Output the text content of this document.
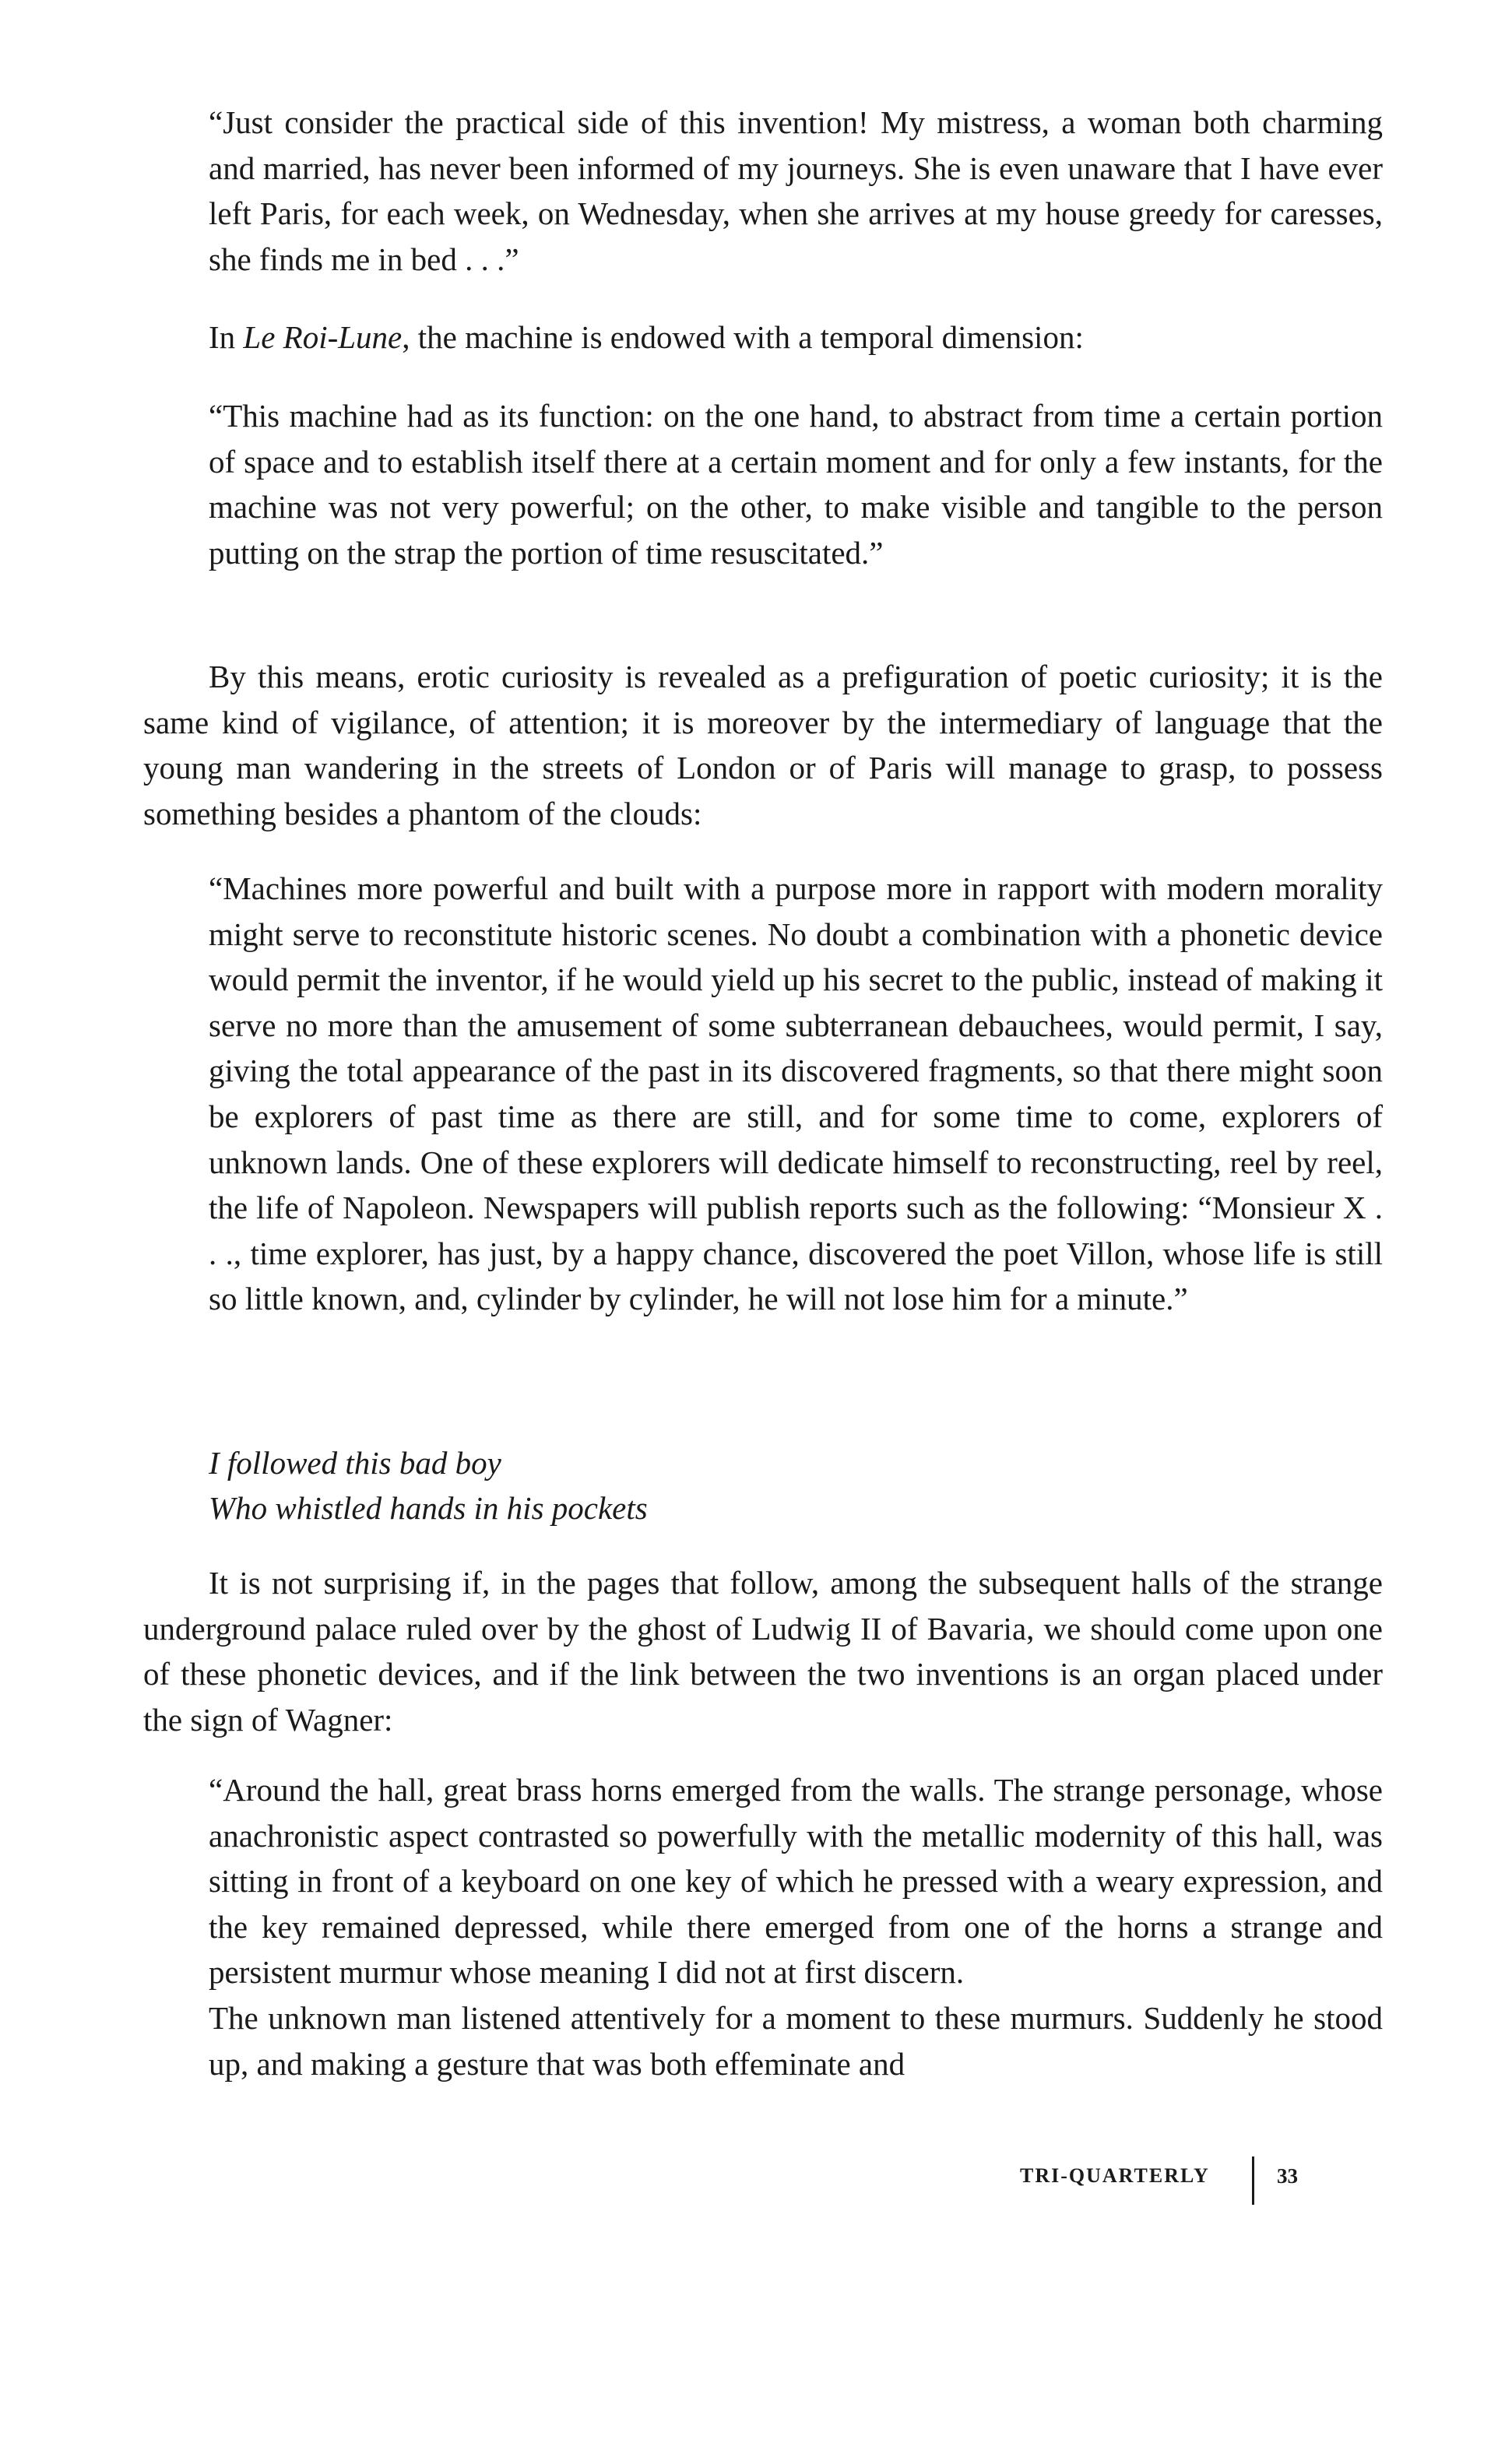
“Just consider the practical side of this invention! My mistress, a woman both charming and married, has never been informed of my journeys. She is even unaware that I have ever left Paris, for each week, on Wednesday, when she arrives at my house greedy for caresses, she finds me in bed . . .”

In Le Roi-Lune, the machine is endowed with a temporal dimension:

“This machine had as its function: on the one hand, to abstract from time a certain portion of space and to establish itself there at a certain moment and for only a few instants, for the machine was not very powerful; on the other, to make visible and tangible to the person putting on the strap the portion of time resuscitated.”

By this means, erotic curiosity is revealed as a prefiguration of poetic curiosity; it is the same kind of vigilance, of attention; it is moreover by the intermediary of language that the young man wandering in the streets of London or of Paris will manage to grasp, to possess something besides a phantom of the clouds:

“Machines more powerful and built with a purpose more in rapport with modern morality might serve to reconstitute historic scenes. No doubt a combination with a phonetic device would permit the inventor, if he would yield up his secret to the public, instead of making it serve no more than the amusement of some subterranean debauchees, would permit, I say, giving the total appearance of the past in its discovered fragments, so that there might soon be explorers of past time as there are still, and for some time to come, explorers of unknown lands. One of these explorers will dedicate himself to reconstructing, reel by reel, the life of Napoleon. Newspapers will publish reports such as the following: “Monsieur X . . ., time explorer, has just, by a happy chance, discovered the poet Villon, whose life is still so little known, and, cylinder by cylinder, he will not lose him for a minute.”

I followed this bad boy

Who whistled hands in his pockets

It is not surprising if, in the pages that follow, among the subsequent halls of the strange underground palace ruled over by the ghost of Ludwig II of Bavaria, we should come upon one of these phonetic devices, and if the link between the two inventions is an organ placed under the sign of Wagner:

“Around the hall, great brass horns emerged from the walls. The strange personage, whose anachronistic aspect contrasted so powerfully with the metallic modernity of this hall, was sitting in front of a keyboard on one key of which he pressed with a weary expression, and the key remained depressed, while there emerged from one of the horns a strange and persistent murmur whose meaning I did not at first discern.

The unknown man listened attentively for a moment to these murmurs. Suddenly he stood up, and making a gesture that was both effeminate and

TRI-QUARTERLY	33
